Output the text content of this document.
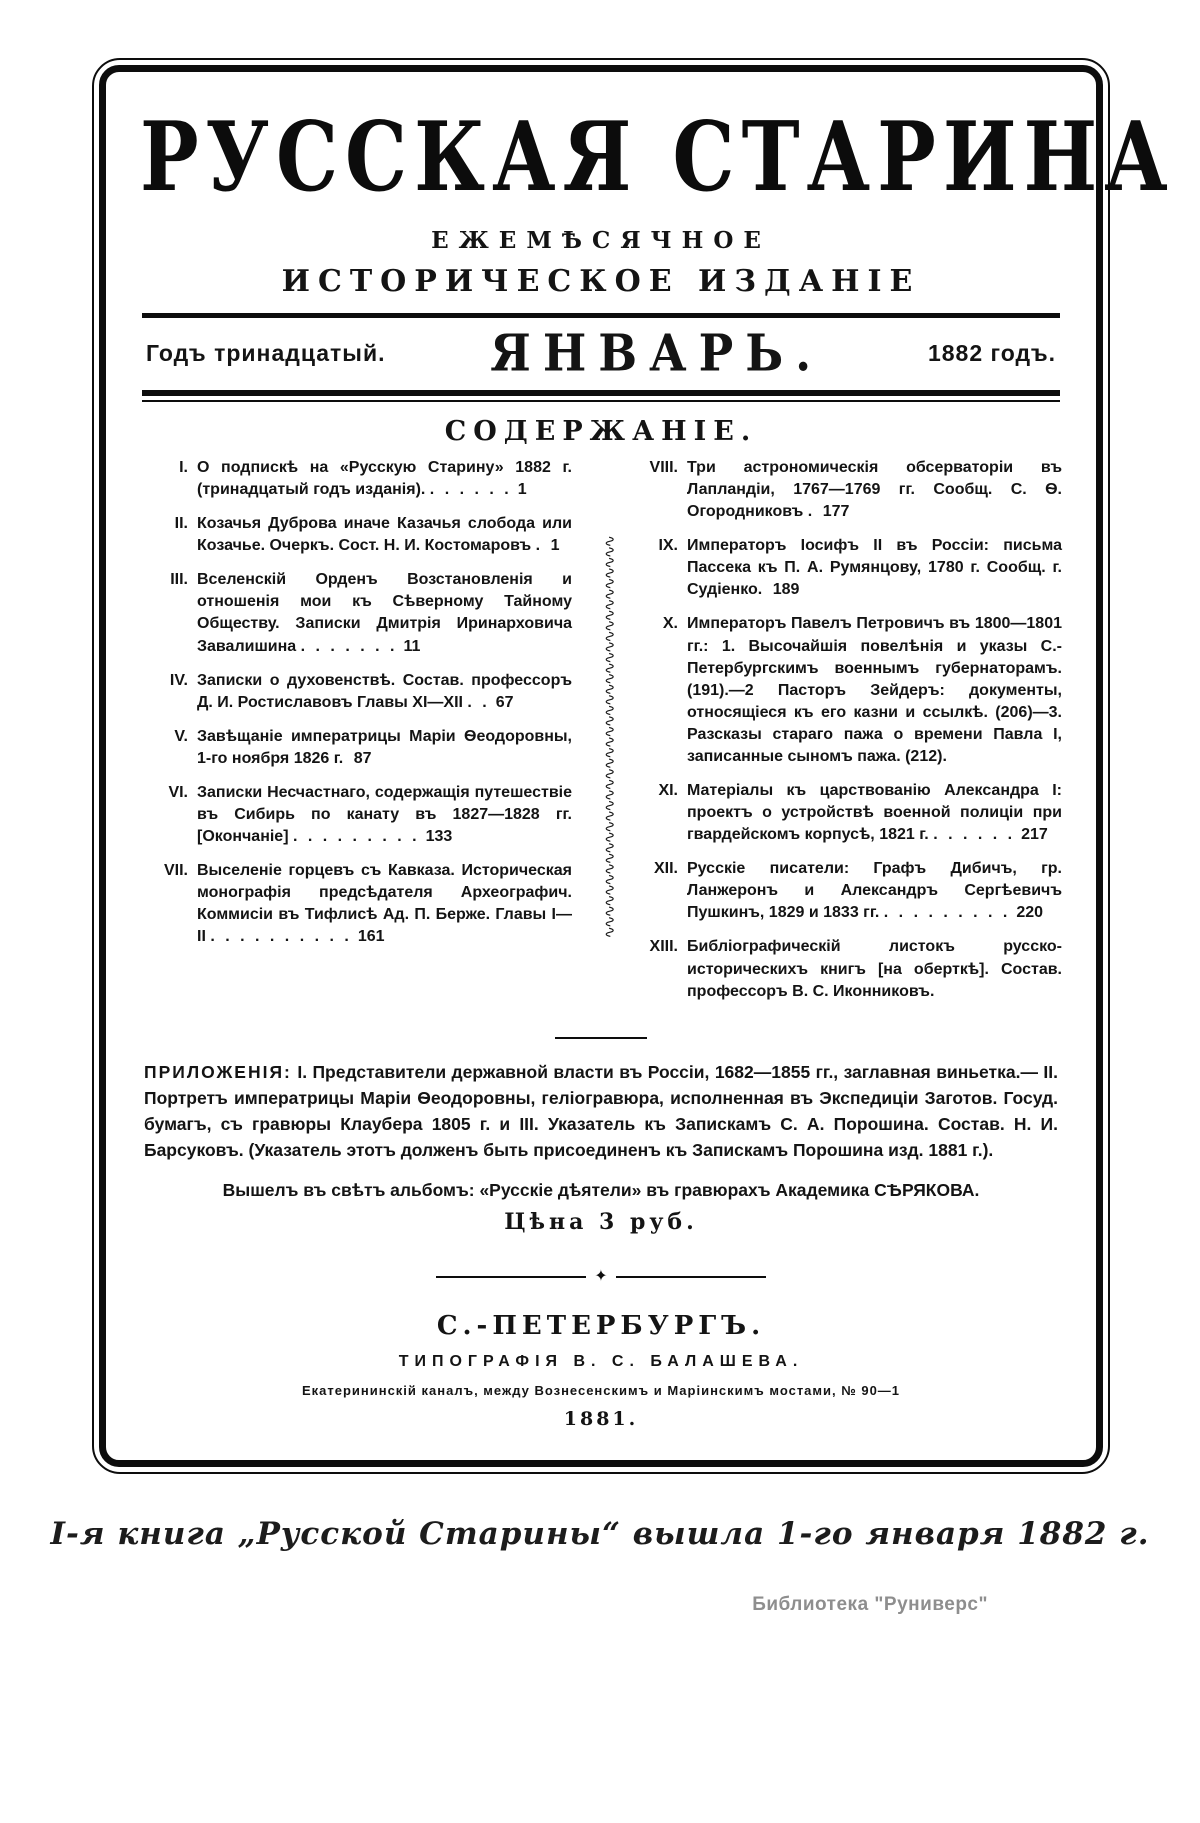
РУССКАЯ СТАРИНА
ЕЖЕМѢСЯЧНОЕ
ИСТОРИЧЕСКОЕ ИЗДАНІЕ
Годъ тринадцатый. ЯНВАРЬ.	1882 годъ.
СОДЕРЖАНІЕ.
I. О подпискѣ на «Русскую Старину» 1882 г. (тринадцатый годъ изданія). . . . . . . 1
II. Козачья Дуброва иначе Казачья слобода или Козачье. Очеркъ. Сост. Н. И. Костомаровъ . 1
III. Вселенскій Орденъ Возстановленія и отношенія мои къ Сѣверному Тайному Обществу. Записки Дмитрія Иринарховича Завалишина . . . . . . . 11
IV. Записки о духовенствѣ. Состав. профессоръ Д. И. Ростиславовъ Главы XI—XII . . 67
V. Завѣщаніе императрицы Маріи Ѳеодоровны, 1-го ноября 1826 г. 87
VI. Записки Несчастнаго, содержащія путешествіе въ Сибирь по канату въ 1827—1828 гг. [Окончаніе] . . . . . . . . . 133
VII. Выселеніе горцевъ съ Кавказа. Историческая монографія предсѣдателя Археографич. Коммисіи въ Тифлисѣ Ад. П. Берже. Главы I—II . . . . . . . . . . 161
∿∿∿∿∿∿∿∿∿∿∿∿∿∿∿∿∿∿∿∿∿∿∿∿∿∿∿∿∿∿∿∿∿∿∿∿∿∿
VIII. Три астрономическія обсерваторіи въ Лапландіи, 1767—1769 гг. Сообщ. С. Ѳ. Огородниковъ . 177
IX. Императоръ Іосифъ II въ Россіи: письма Пассека къ П. А. Румянцову, 1780 г. Сообщ. г. Судіенко. 189
X. Императоръ Павелъ Петровичъ въ 1800—1801 гг.: 1. Высочайшія повелѣнія и указы С.-Петербургскимъ военнымъ губернаторамъ. (191).—2 Пасторъ Зейдеръ: документы, относящіеся къ его казни и ссылкѣ. (206)—3. Разсказы стараго пажа о времени Павла I, записанные сыномъ пажа. (212).
XI. Матеріалы къ царствованію Александра I: проектъ о устройствѣ военной полиціи при гвардейскомъ корпусѣ, 1821 г. . . . . . . 217
XII. Русскіе писатели: Графъ Дибичъ, гр. Ланжеронъ и Александръ Сергѣевичъ Пушкинъ, 1829 и 1833 гг. . . . . . . . . . 220
XIII. Библіографическій листокъ русско-историческихъ книгъ [на оберткѣ]. Состав. профессоръ В. С. Иконниковъ.

ПРИЛОЖЕНІЯ: I. Представители державной власти въ Россіи, 1682—1855 гг., заглавная виньетка.— II. Портретъ императрицы Маріи Ѳеодоровны, геліогравюра, исполненная въ Экспедиціи Заготов. Госуд. бумагъ, съ гравюры Клаубера 1805 г. и III. Указатель къ Запискамъ С. А. Порошина. Состав. Н. И. Барсуковъ. (Указатель этотъ долженъ быть присоединенъ къ Запискамъ Порошина изд. 1881 г.).

Вышелъ въ свѣтъ альбомъ: «Русскіе дѣятели» въ гравюрахъ Академика СѢРЯКОВА.

Цѣна 3 руб.

✦
С.-ПЕТЕРБУРГЪ.
ТИПОГРАФІЯ В. С. БАЛАШЕВА.
Екатерининскій каналъ, между Вознесенскимъ и Маріинскимъ мостами, № 90—1
1881.
I-я книга „Русской Старины“ вышла 1-го января 1882 г.
Библиотека "Руниверс"
